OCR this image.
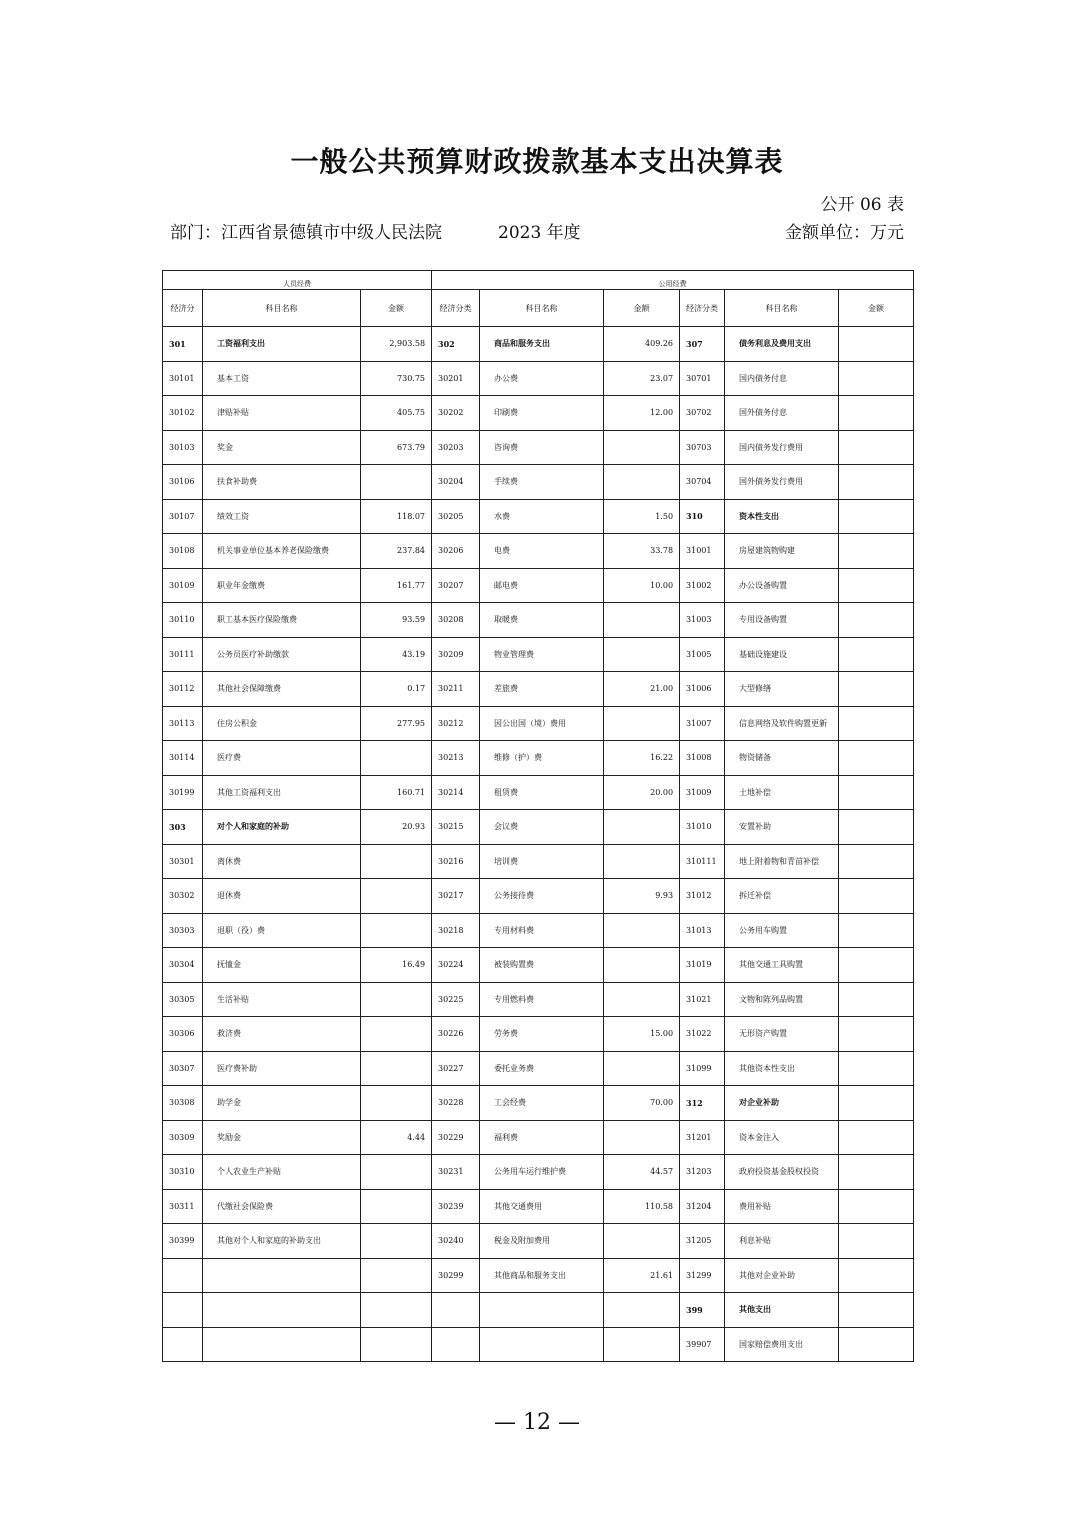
一般公共预算财政拨款基本支出决算表
公开 06 表
部门：江西省景德镇市中级人民法院	2023 年度	金额单位：万元
人员经费			公用经费					
经济分	科目名称	金额	经济分类	科目名称	金额	经济分类	科目名称	金额
301	工资福利支出	2,903.58	302	商品和服务支出	409.26	307	债务利息及费用支出	
30101	基本工资	730.75	30201	办公费	23.07	30701	国内债务付息	
30102	津贴补贴	405.75	30202	印刷费	12.00	30702	国外债务付息	
30103	奖金	673.79	30203	咨询费		30703	国内债务发行费用	
30106	扶食补助费		30204	手续费		30704	国外债务发行费用	
30107	绩效工资	118.07	30205	水费	1.50	310	资本性支出	
30108	机关事业单位基本养老保险缴费	237.84	30206	电费	33.78	31001	房屋建筑物购建	
30109	职业年金缴费	161.77	30207	邮电费	10.00	31002	办公设备购置	
30110	职工基本医疗保险缴费	93.59	30208	取暖费		31003	专用设备购置	
30111	公务员医疗补助缴款	43.19	30209	物业管理费		31005	基础设施建设	
30112	其他社会保障缴费	0.17	30211	差旅费	21.00	31006	大型修缮	
30113	住房公积金	277.95	30212	因公出国（境）费用		31007	信息网络及软件购置更新	
30114	医疗费		30213	维修（护）费	16.22	31008	物资储备	
30199	其他工资福利支出	160.71	30214	租赁费	20.00	31009	土地补偿	
303	对个人和家庭的补助	20.93	30215	会议费		31010	安置补助	
30301	离休费		30216	培训费		310111	地上附着物和青苗补偿	
30302	退休费		30217	公务接待费	9.93	31012	拆迁补偿	
30303	退职（役）费		30218	专用材料费		31013	公务用车购置	
30304	抚恤金	16.49	30224	被装购置费		31019	其他交通工具购置	
30305	生活补贴		30225	专用燃料费		31021	文物和陈列品购置	
30306	救济费		30226	劳务费	15.00	31022	无形资产购置	
30307	医疗费补助		30227	委托业务费		31099	其他资本性支出	
30308	助学金		30228	工会经费	70.00	312	对企业补助	
30309	奖励金	4.44	30229	福利费		31201	资本金注入	
30310	个人农业生产补贴		30231	公务用车运行维护费	44.57	31203	政府投资基金股权投资	
30311	代缴社会保险费		30239	其他交通费用	110.58	31204	费用补贴	
30399	其他对个人和家庭的补助支出		30240	税金及附加费用		31205	利息补贴	
			30299	其他商品和服务支出	21.61	31299	其他对企业补助	
						399	其他支出	
						39907	国家赔偿费用支出	
— 12 —
